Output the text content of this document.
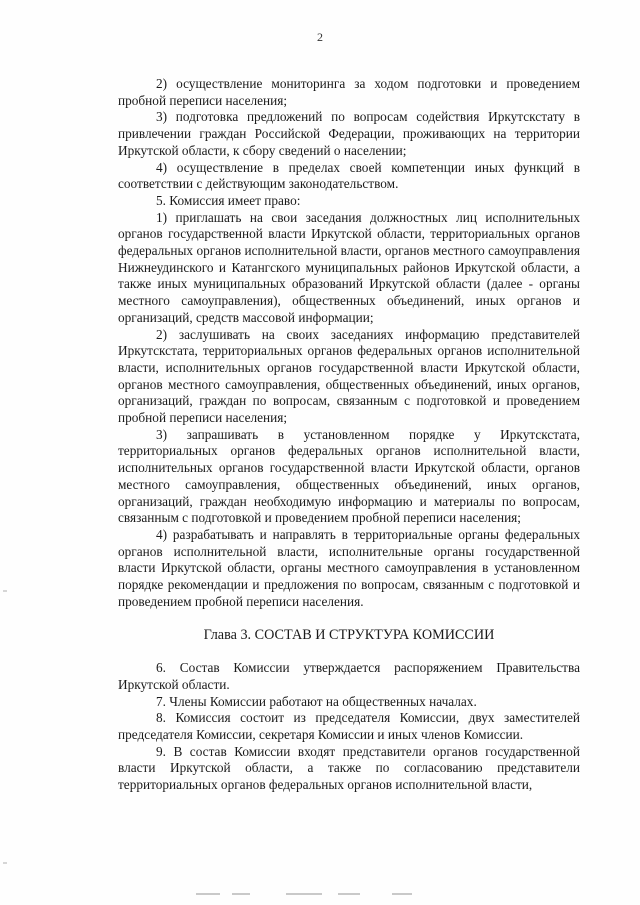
2

2) осуществление мониторинга за ходом подготовки и проведением пробной переписи населения;

3) подготовка предложений по вопросам содействия Иркутскстату в привлечении граждан Российской Федерации, проживающих на территории Иркутской области, к сбору сведений о населении;

4) осуществление в пределах своей компетенции иных функций в соответствии с действующим законодательством.

5. Комиссия имеет право:

1) приглашать на свои заседания должностных лиц исполнительных органов государственной власти Иркутской области, территориальных органов федеральных органов исполнительной власти, органов местного самоуправления Нижнеудинского и Катангского муниципальных районов Иркутской области, а также иных муниципальных образований Иркутской области (далее - органы местного самоуправления), общественных объединений, иных органов и организаций, средств массовой информации;

2) заслушивать на своих заседаниях информацию представителей Иркутскстата, территориальных органов федеральных органов исполнительной власти, исполнительных органов государственной власти Иркутской области, органов местного самоуправления, общественных объединений, иных органов, организаций, граждан по вопросам, связанным с подготовкой и проведением пробной переписи населения;

3) запрашивать в установленном порядке у Иркутскстата, территориальных органов федеральных органов исполнительной власти, исполнительных органов государственной власти Иркутской области, органов местного самоуправления, общественных объединений, иных органов, организаций, граждан необходимую информацию и материалы по вопросам, связанным с подготовкой и проведением пробной переписи населения;

4) разрабатывать и направлять в территориальные органы федеральных органов исполнительной власти, исполнительные органы государственной власти Иркутской области, органы местного самоуправления в установленном порядке рекомендации и предложения по вопросам, связанным с подготовкой и проведением пробной переписи населения.

Глава 3. СОСТАВ И СТРУКТУРА КОМИССИИ

6. Состав Комиссии утверждается распоряжением Правительства Иркутской области.

7. Члены Комиссии работают на общественных началах.

8. Комиссия состоит из председателя Комиссии, двух заместителей председателя Комиссии, секретаря Комиссии и иных членов Комиссии.

9. В состав Комиссии входят представители органов государственной власти Иркутской области, а также по согласованию представители территориальных органов федеральных органов исполнительной власти,
